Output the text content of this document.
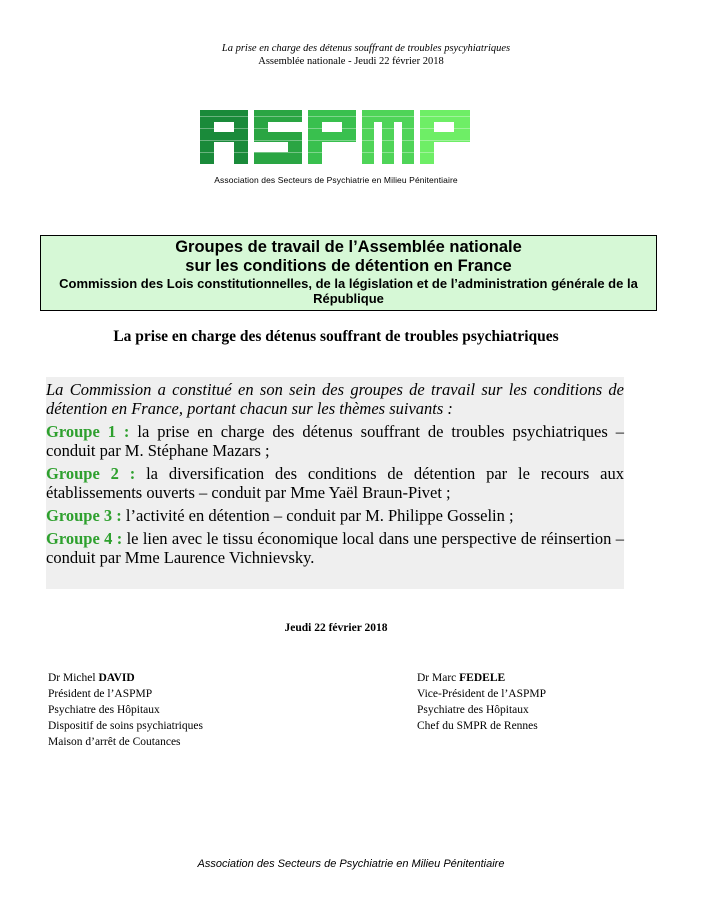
La prise en charge des détenus souffrant de troubles psycyhiatriques
Assemblée nationale - Jeudi 22 février 2018
ASPMP
Association des Secteurs de Psychiatrie en Milieu Pénitentiaire
Groupes de travail de l’Assemblée nationale
sur les conditions de détention en France
Commission des Lois constitutionnelles, de la législation et de l’administration générale de la République
La prise en charge des détenus souffrant de troubles psychiatriques

La Commission a constitué en son sein des groupes de travail sur les conditions de détention en France, portant chacun sur les thèmes suivants :

Groupe 1 : la prise en charge des détenus souffrant de troubles psychiatriques – conduit par M. Stéphane Mazars ;

Groupe 2 : la diversification des conditions de détention par le recours aux établissements ouverts – conduit par Mme Yaël Braun-Pivet ;

Groupe 3 : l’activité en détention – conduit par M. Philippe Gosselin ;

Groupe 4 : le lien avec le tissu économique local dans une perspective de réinsertion – conduit par Mme Laurence Vichnievsky.

Jeudi 22 février 2018
Dr Michel DAVID
Président de l’ASPMP
Psychiatre des Hôpitaux
Dispositif de soins psychiatriques
Maison d’arrêt de Coutances
Dr Marc FEDELE
Vice-Président de l’ASPMP
Psychiatre des Hôpitaux
Chef du SMPR de Rennes
Association des Secteurs de Psychiatrie en Milieu Pénitentiaire
